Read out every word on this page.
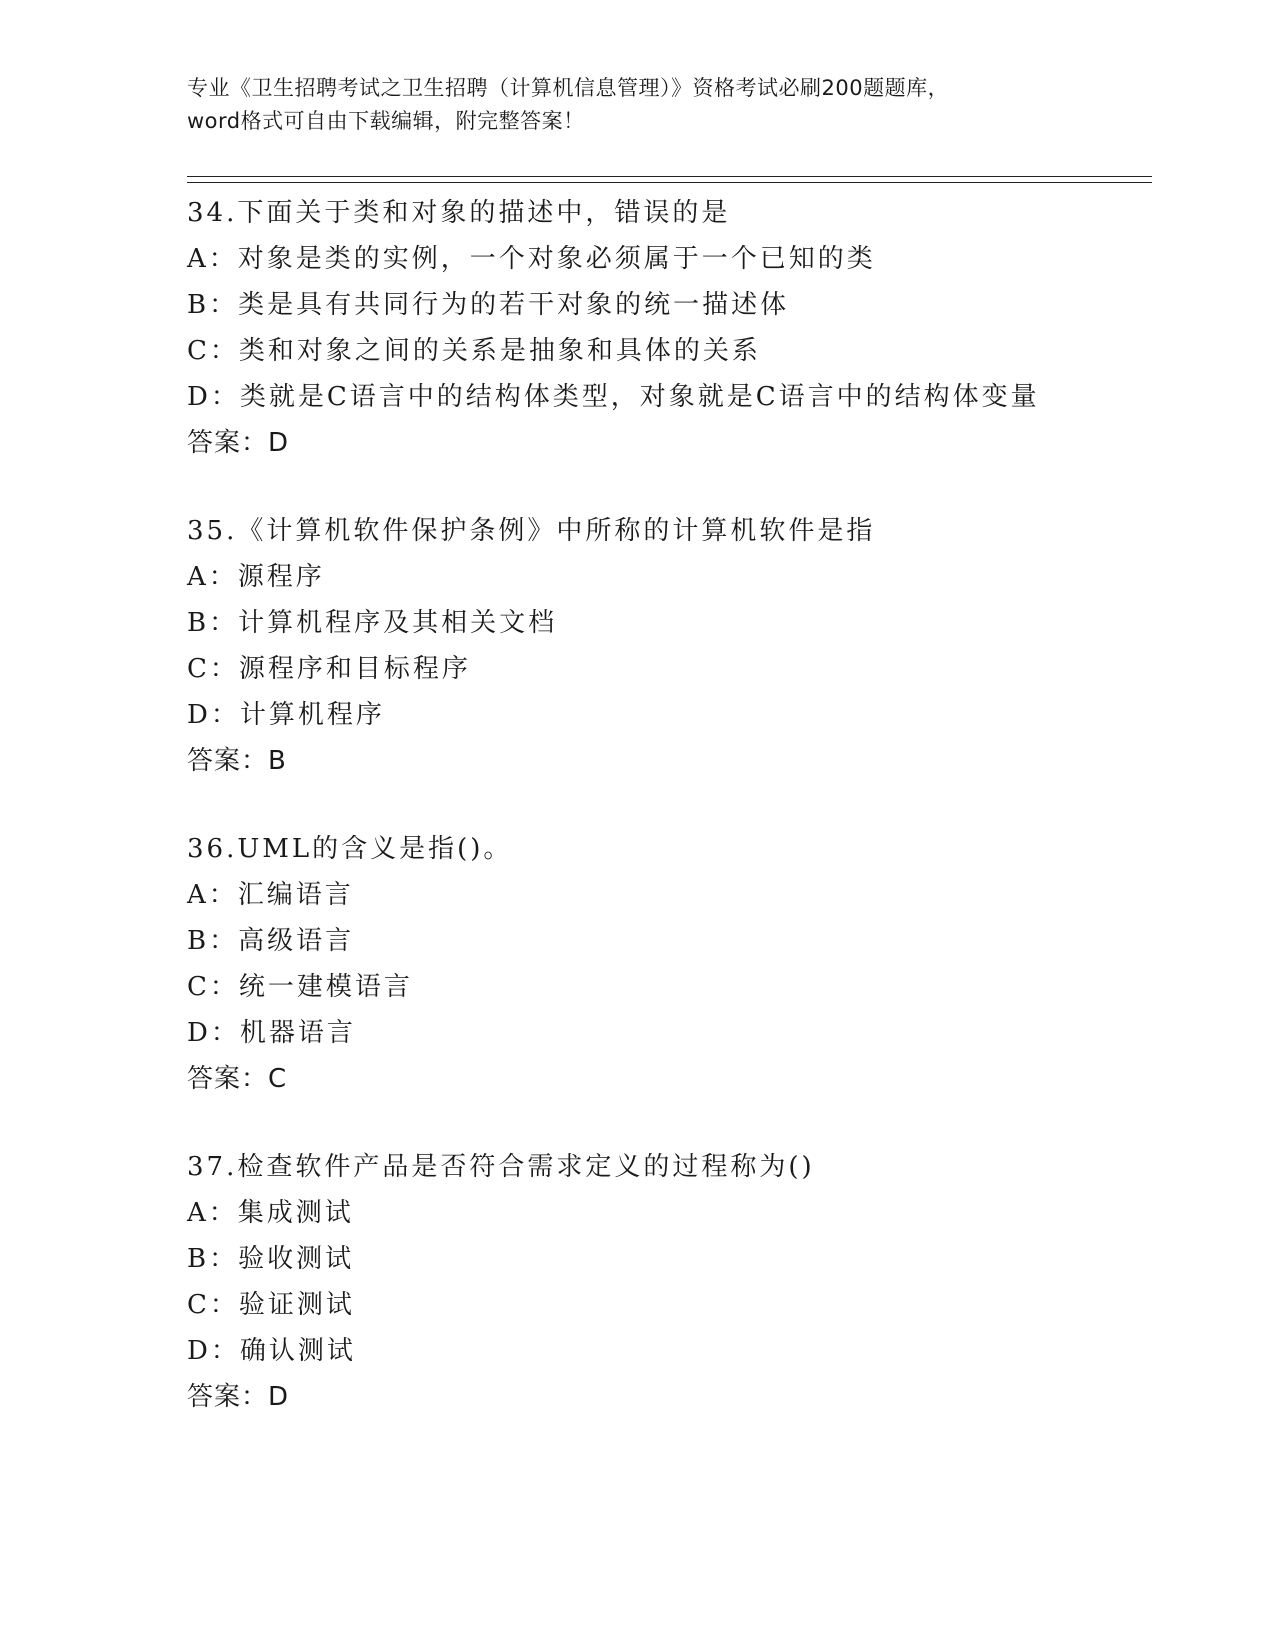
专业《卫生招聘考试之卫生招聘（计算机信息管理）》资格考试必刷200题题库，
word格式可自由下载编辑，附完整答案！
34.下面关于类和对象的描述中，错误的是
A：对象是类的实例，一个对象必须属于一个已知的类
B：类是具有共同行为的若干对象的统一描述体
C：类和对象之间的关系是抽象和具体的关系
D：类就是C语言中的结构体类型，对象就是C语言中的结构体变量
答案：D
35.《计算机软件保护条例》中所称的计算机软件是指
A：源程序
B：计算机程序及其相关文档
C：源程序和目标程序
D：计算机程序
答案：B
36.UML的含义是指()。
A：汇编语言
B：高级语言
C：统一建模语言
D：机器语言
答案：C
37.检查软件产品是否符合需求定义的过程称为()
A：集成测试
B：验收测试
C：验证测试
D：确认测试
答案：D
